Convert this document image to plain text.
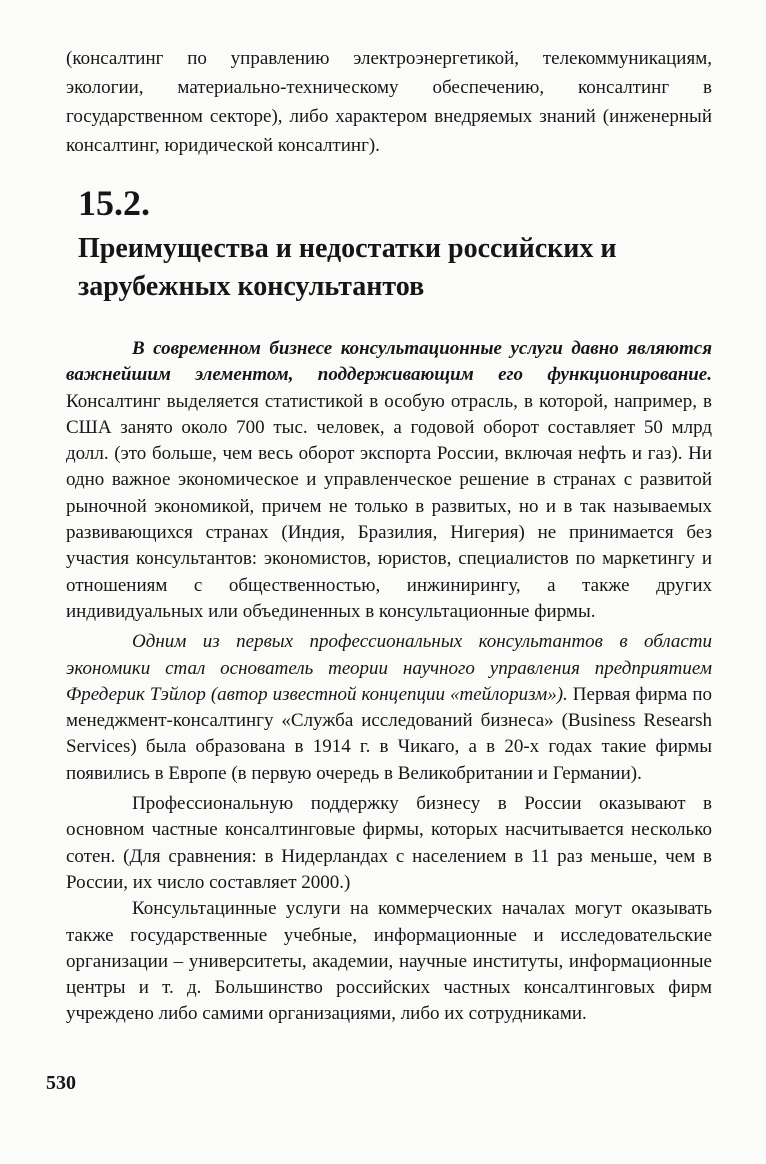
(консалтинг по управлению электроэнергетикой, телекоммуникациям, экологии, материально-техническому обеспечению, консалтинг в государственном секторе), либо характером внедряемых знаний (инженерный консалтинг, юридической консалтинг).

15.2.
Преимущества и недостатки российских и зарубежных консультантов

В современном бизнесе консультационные услуги давно являются важнейшим элементом, поддерживающим его функционирование. Консалтинг выделяется статистикой в особую отрасль, в которой, например, в США занято около 700 тыс. человек, а годовой оборот составляет 50 млрд долл. (это больше, чем весь оборот экспорта России, включая нефть и газ). Ни одно важное экономическое и управленческое решение в странах с развитой рыночной экономикой, причем не только в развитых, но и в так называемых развивающихся странах (Индия, Бразилия, Нигерия) не принимается без участия консультантов: экономистов, юристов, специалистов по маркетингу и отношениям с общественностью, инжинирингу, а также других индивидуальных или объединенных в консультационные фирмы.

Одним из первых профессиональных консультантов в области экономики стал основатель теории научного управления предприятием Фредерик Тэйлор (автор известной концепции «тейлоризм»). Первая фирма по менеджмент-консалтингу «Служба исследований бизнеса» (Business Researsh Services) была образована в 1914 г. в Чикаго, а в 20-х годах такие фирмы появились в Европе (в первую очередь в Великобритании и Германии).

Профессиональную поддержку бизнесу в России оказывают в основном частные консалтинговые фирмы, которых насчитывается несколько сотен. (Для сравнения: в Нидерландах с населением в 11 раз меньше, чем в России, их число составляет 2000.)

Консультацинные услуги на коммерческих началах могут оказывать также государственные учебные, информационные и исследовательские организации – университеты, академии, научные институты, информационные центры и т. д. Большинство российских частных консалтинговых фирм учреждено либо самими организациями, либо их сотрудниками.

530
